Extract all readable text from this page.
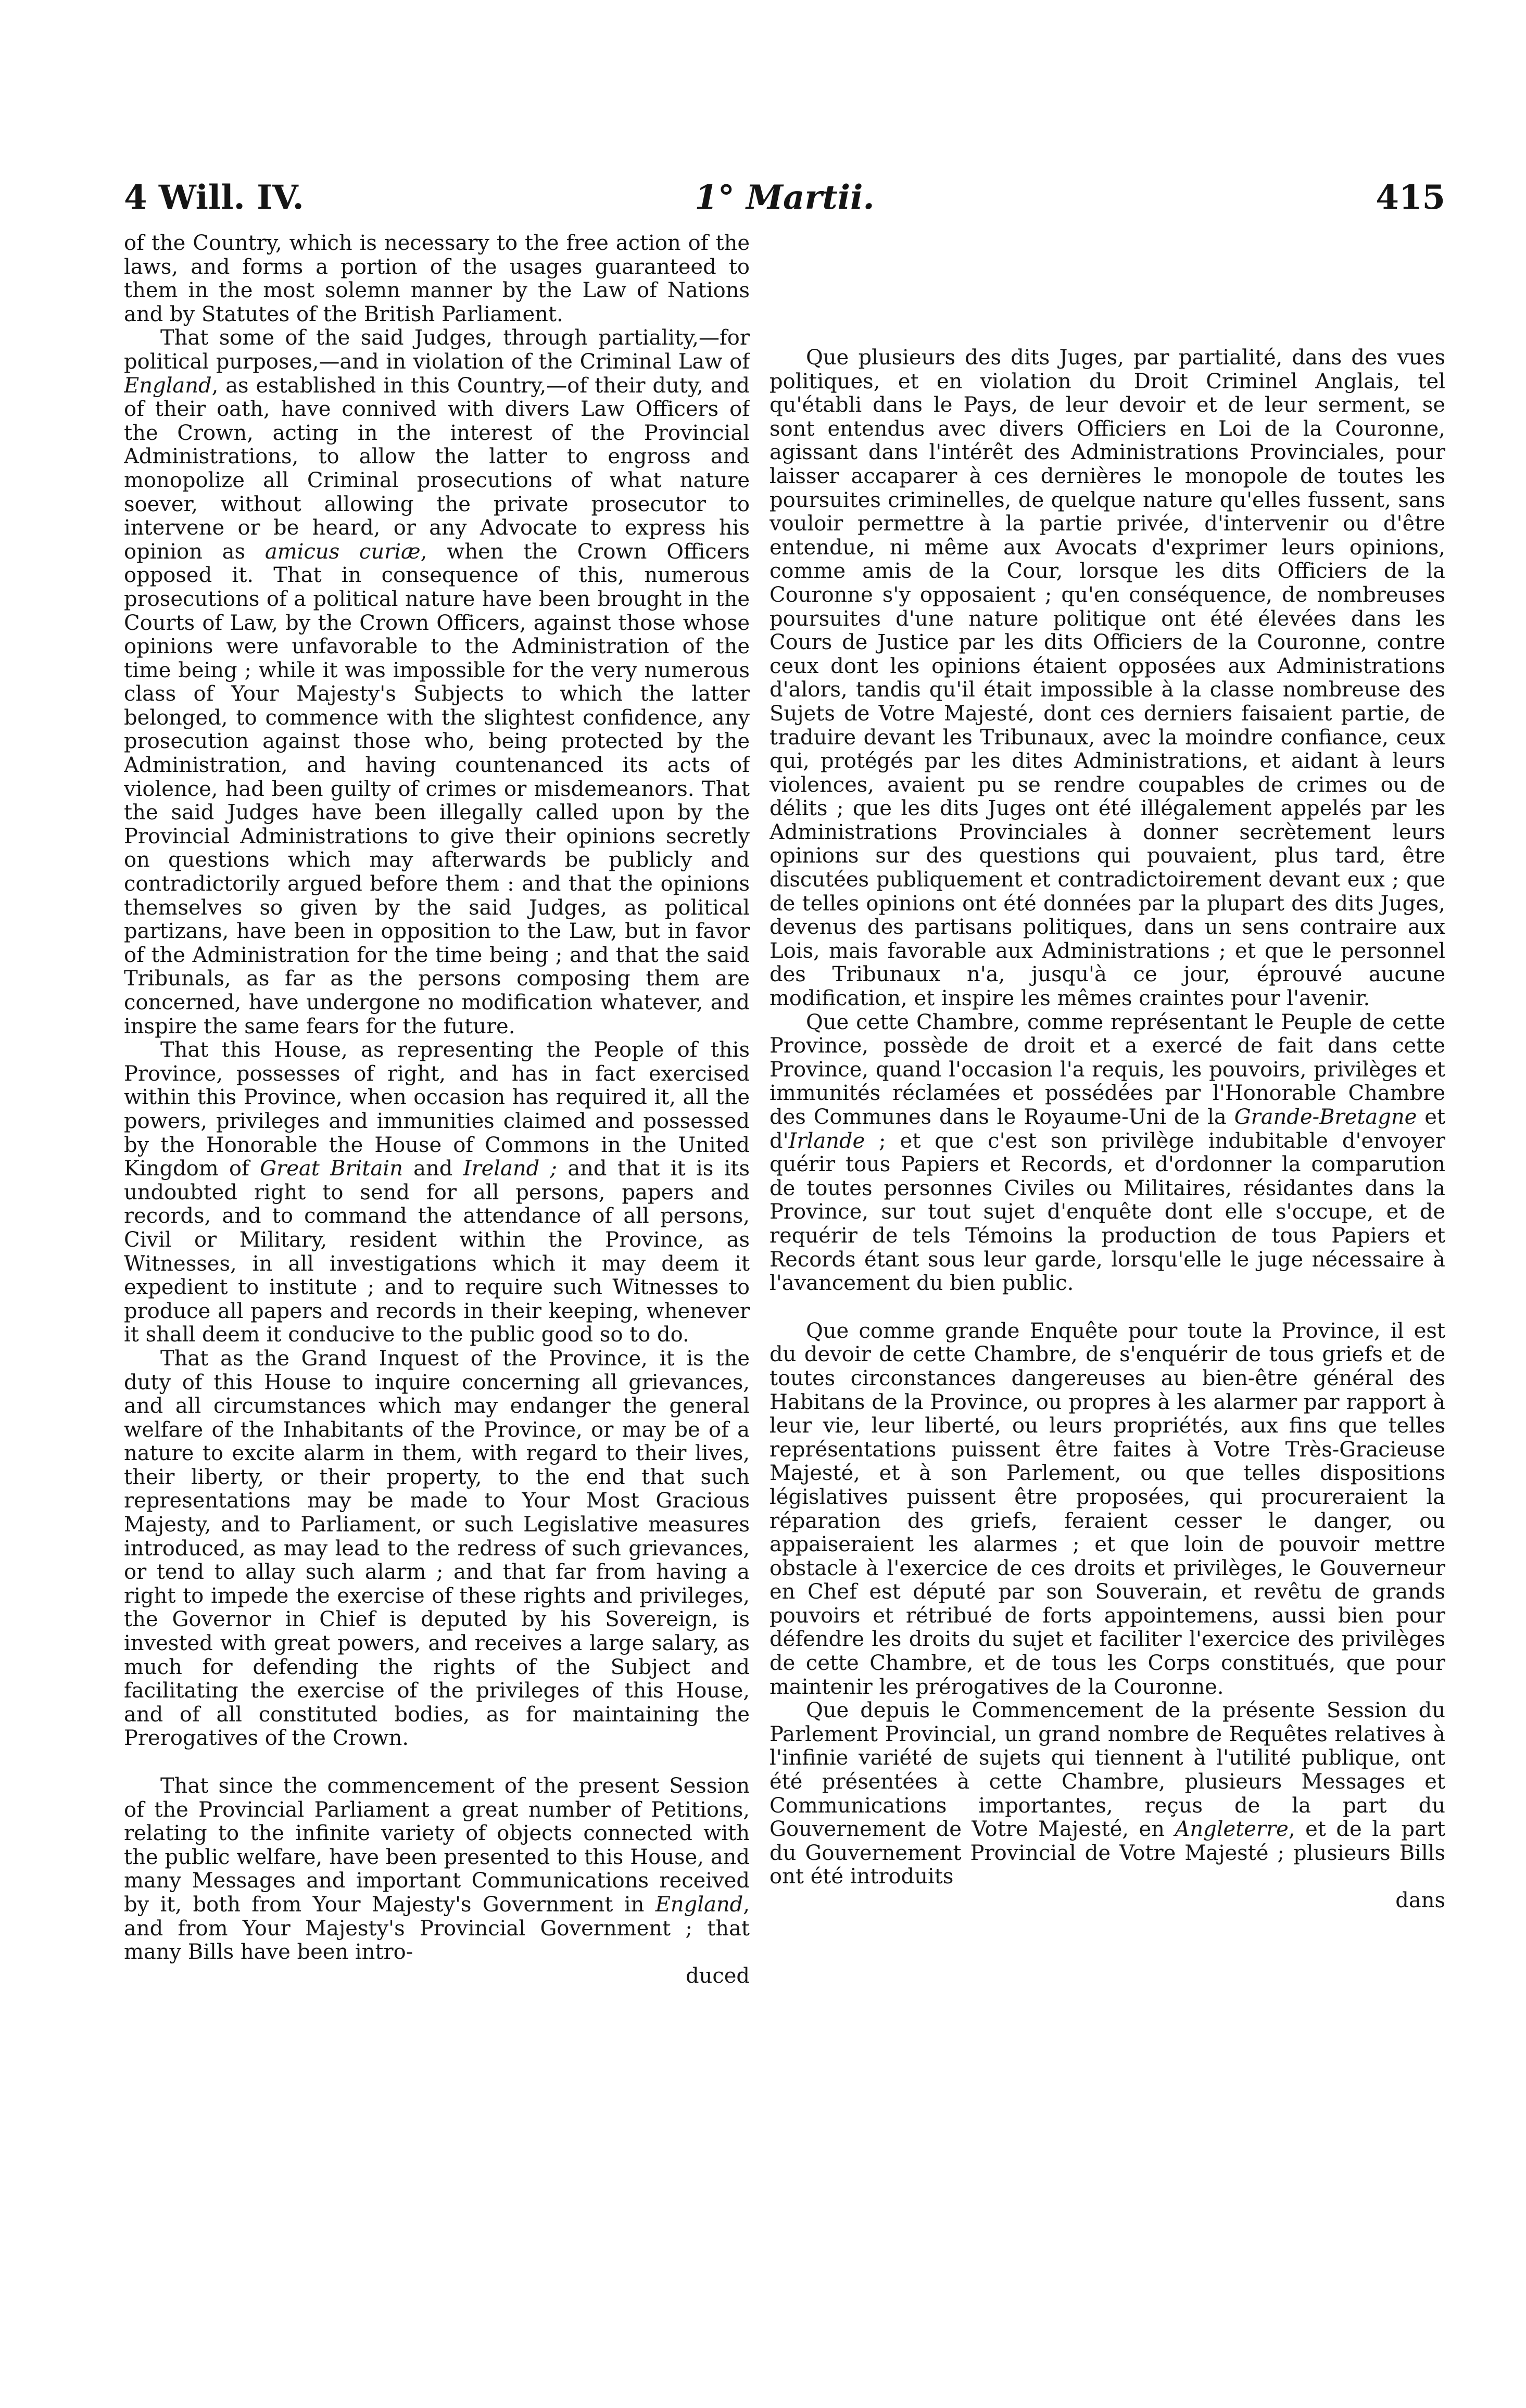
4 Will. IV.	1° Martii.	415

of the Country, which is necessary to the free action of the laws, and forms a portion of the usages guaranteed to them in the most solemn manner by the Law of Nations and by Statutes of the British Parliament.

That some of the said Judges, through partiality,—for political purposes,—and in violation of the Criminal Law of England, as established in this Country,—of their duty, and of their oath, have connived with divers Law Officers of the Crown, acting in the interest of the Provincial Administrations, to allow the latter to engross and monopolize all Criminal prosecutions of what nature soever, without allowing the private prosecutor to intervene or be heard, or any Advocate to express his opinion as amicus curiæ, when the Crown Officers opposed it. That in consequence of this, numerous prosecutions of a political nature have been brought in the Courts of Law, by the Crown Officers, against those whose opinions were unfavorable to the Administration of the time being ; while it was impossible for the very numerous class of Your Majesty's Subjects to which the latter belonged, to commence with the slightest confidence, any prosecution against those who, being protected by the Administration, and having countenanced its acts of violence, had been guilty of crimes or misdemeanors. That the said Judges have been illegally called upon by the Provincial Administrations to give their opinions secretly on questions which may afterwards be publicly and contradictorily argued before them : and that the opinions themselves so given by the said Judges, as political partizans, have been in opposition to the Law, but in favor of the Administration for the time being ; and that the said Tribunals, as far as the persons composing them are concerned, have undergone no modification whatever, and inspire the same fears for the future.

That this House, as representing the People of this Province, possesses of right, and has in fact exercised within this Province, when occasion has required it, all the powers, privileges and immunities claimed and possessed by the Honorable the House of Commons in the United Kingdom of Great Britain and Ireland ; and that it is its undoubted right to send for all persons, papers and records, and to command the attendance of all persons, Civil or Military, resident within the Province, as Witnesses, in all investigations which it may deem it expedient to institute ; and to require such Witnesses to produce all papers and records in their keeping, whenever it shall deem it conducive to the public good so to do.

That as the Grand Inquest of the Province, it is the duty of this House to inquire concerning all grievances, and all circumstances which may endanger the general welfare of the Inhabitants of the Province, or may be of a nature to excite alarm in them, with regard to their lives, their liberty, or their property, to the end that such representations may be made to Your Most Gracious Majesty, and to Parliament, or such Legislative measures introduced, as may lead to the redress of such grievances, or tend to allay such alarm ; and that far from having a right to impede the exercise of these rights and privileges, the Governor in Chief is deputed by his Sovereign, is invested with great powers, and receives a large salary, as much for defending the rights of the Subject and facilitating the exercise of the privileges of this House, and of all constituted bodies, as for maintaining the Prerogatives of the Crown.

That since the commencement of the present Session of the Provincial Parliament a great number of Petitions, relating to the infinite variety of objects connected with the public welfare, have been presented to this House, and many Messages and important Communications received by it, both from Your Majesty's Government in England, and from Your Majesty's Provincial Government ; that many Bills have been intro-

duced

Que plusieurs des dits Juges, par partialité, dans des vues politiques, et en violation du Droit Criminel Anglais, tel qu'établi dans le Pays, de leur devoir et de leur serment, se sont entendus avec divers Officiers en Loi de la Couronne, agissant dans l'intérêt des Administrations Provinciales, pour laisser accaparer à ces dernières le monopole de toutes les poursuites criminelles, de quelque nature qu'elles fussent, sans vouloir permettre à la partie privée, d'intervenir ou d'être entendue, ni même aux Avocats d'exprimer leurs opinions, comme amis de la Cour, lorsque les dits Officiers de la Couronne s'y opposaient ; qu'en conséquence, de nombreuses poursuites d'une nature politique ont été élevées dans les Cours de Justice par les dits Officiers de la Couronne, contre ceux dont les opinions étaient opposées aux Administrations d'alors, tandis qu'il était impossible à la classe nombreuse des Sujets de Votre Majesté, dont ces derniers faisaient partie, de traduire devant les Tribunaux, avec la moindre confiance, ceux qui, protégés par les dites Administrations, et aidant à leurs violences, avaient pu se rendre coupables de crimes ou de délits ; que les dits Juges ont été illégalement appelés par les Administrations Provinciales à donner secrètement leurs opinions sur des questions qui pouvaient, plus tard, être discutées publiquement et contradictoirement devant eux ; que de telles opinions ont été données par la plupart des dits Juges, devenus des partisans politiques, dans un sens contraire aux Lois, mais favorable aux Administrations ; et que le personnel des Tribunaux n'a, jusqu'à ce jour, éprouvé aucune modification, et inspire les mêmes craintes pour l'avenir.

Que cette Chambre, comme représentant le Peuple de cette Province, possède de droit et a exercé de fait dans cette Province, quand l'occasion l'a requis, les pouvoirs, privilèges et immunités réclamées et possédées par l'Honorable Chambre des Communes dans le Royaume-Uni de la Grande-Bretagne et d'Irlande ; et que c'est son privilège indubitable d'envoyer quérir tous Papiers et Records, et d'ordonner la comparution de toutes personnes Civiles ou Militaires, résidantes dans la Province, sur tout sujet d'enquête dont elle s'occupe, et de requérir de tels Témoins la production de tous Papiers et Records étant sous leur garde, lorsqu'elle le juge nécessaire à l'avancement du bien public.

Que comme grande Enquête pour toute la Province, il est du devoir de cette Chambre, de s'enquérir de tous griefs et de toutes circonstances dangereuses au bien-être général des Habitans de la Province, ou propres à les alarmer par rapport à leur vie, leur liberté, ou leurs propriétés, aux fins que telles représentations puissent être faites à Votre Très-Gracieuse Majesté, et à son Parlement, ou que telles dispositions législatives puissent être proposées, qui procureraient la réparation des griefs, feraient cesser le danger, ou appaiseraient les alarmes ; et que loin de pouvoir mettre obstacle à l'exercice de ces droits et privilèges, le Gouverneur en Chef est député par son Souverain, et revêtu de grands pouvoirs et rétribué de forts appointemens, aussi bien pour défendre les droits du sujet et faciliter l'exercice des privilèges de cette Chambre, et de tous les Corps constitués, que pour maintenir les prérogatives de la Couronne.

Que depuis le Commencement de la présente Session du Parlement Provincial, un grand nombre de Requêtes relatives à l'infinie variété de sujets qui tiennent à l'utilité publique, ont été présentées à cette Chambre, plusieurs Messages et Communications importantes, reçus de la part du Gouvernement de Votre Majesté, en Angleterre, et de la part du Gouvernement Provincial de Votre Majesté ; plusieurs Bills ont été introduits

dans
